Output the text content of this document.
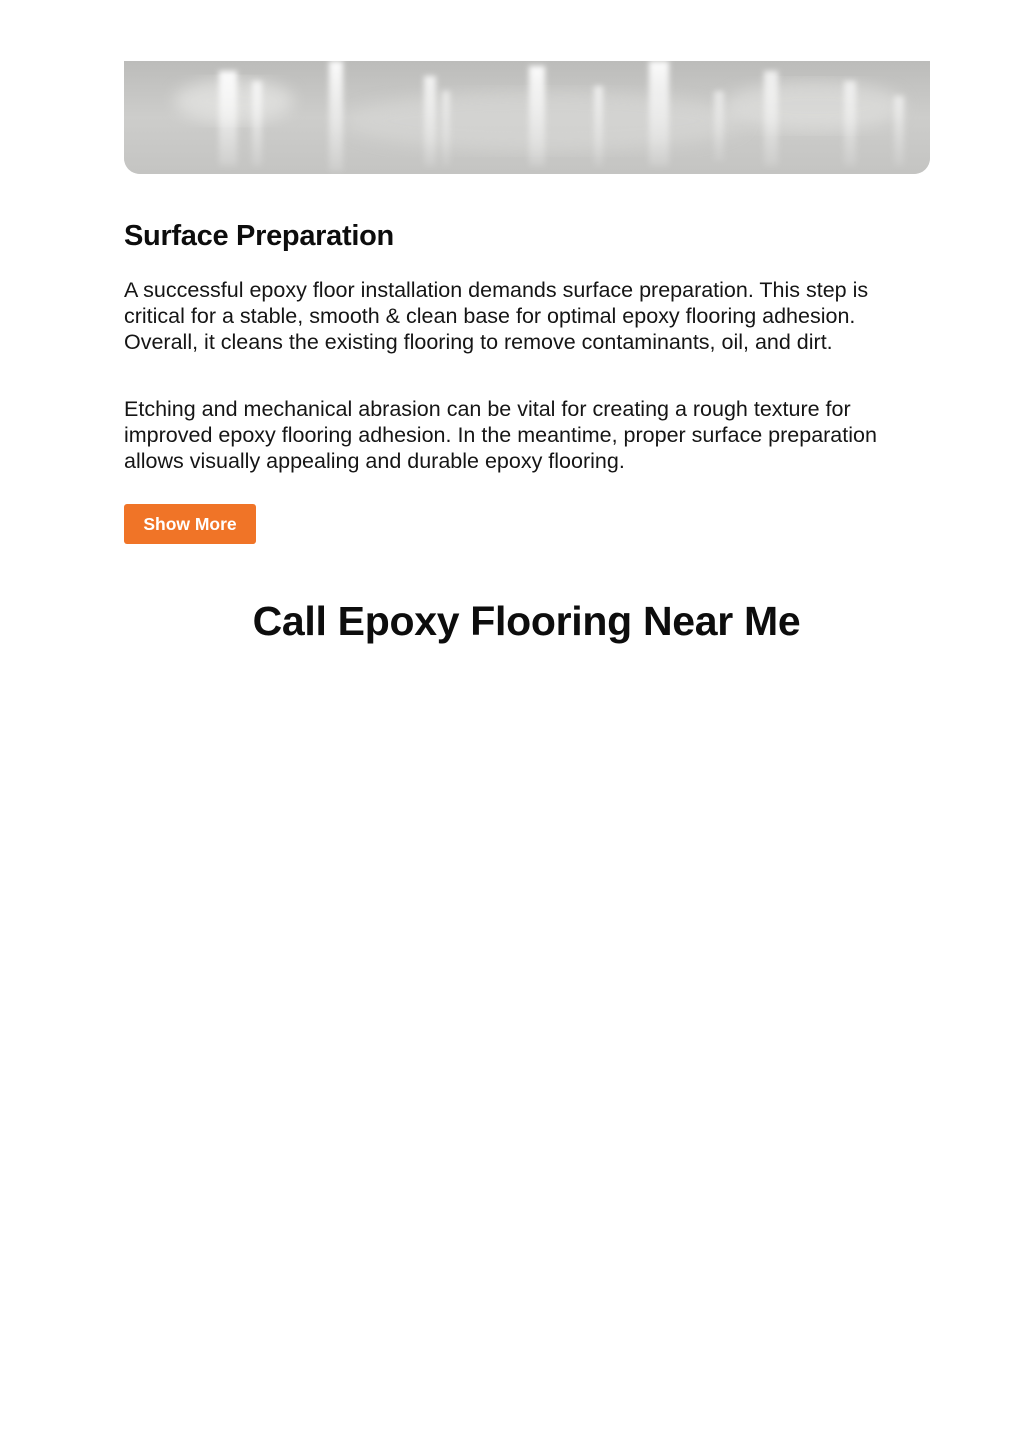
Surface Preparation

A successful epoxy floor installation demands surface preparation. This step is critical for a stable, smooth & clean base for optimal epoxy flooring adhesion. Overall, it cleans the existing flooring to remove contaminants, oil, and dirt.

Etching and mechanical abrasion can be vital for creating a rough texture for improved epoxy flooring adhesion. In the meantime, proper surface preparation allows visually appealing and durable epoxy flooring.

Show More
Call Epoxy Flooring Near Me
